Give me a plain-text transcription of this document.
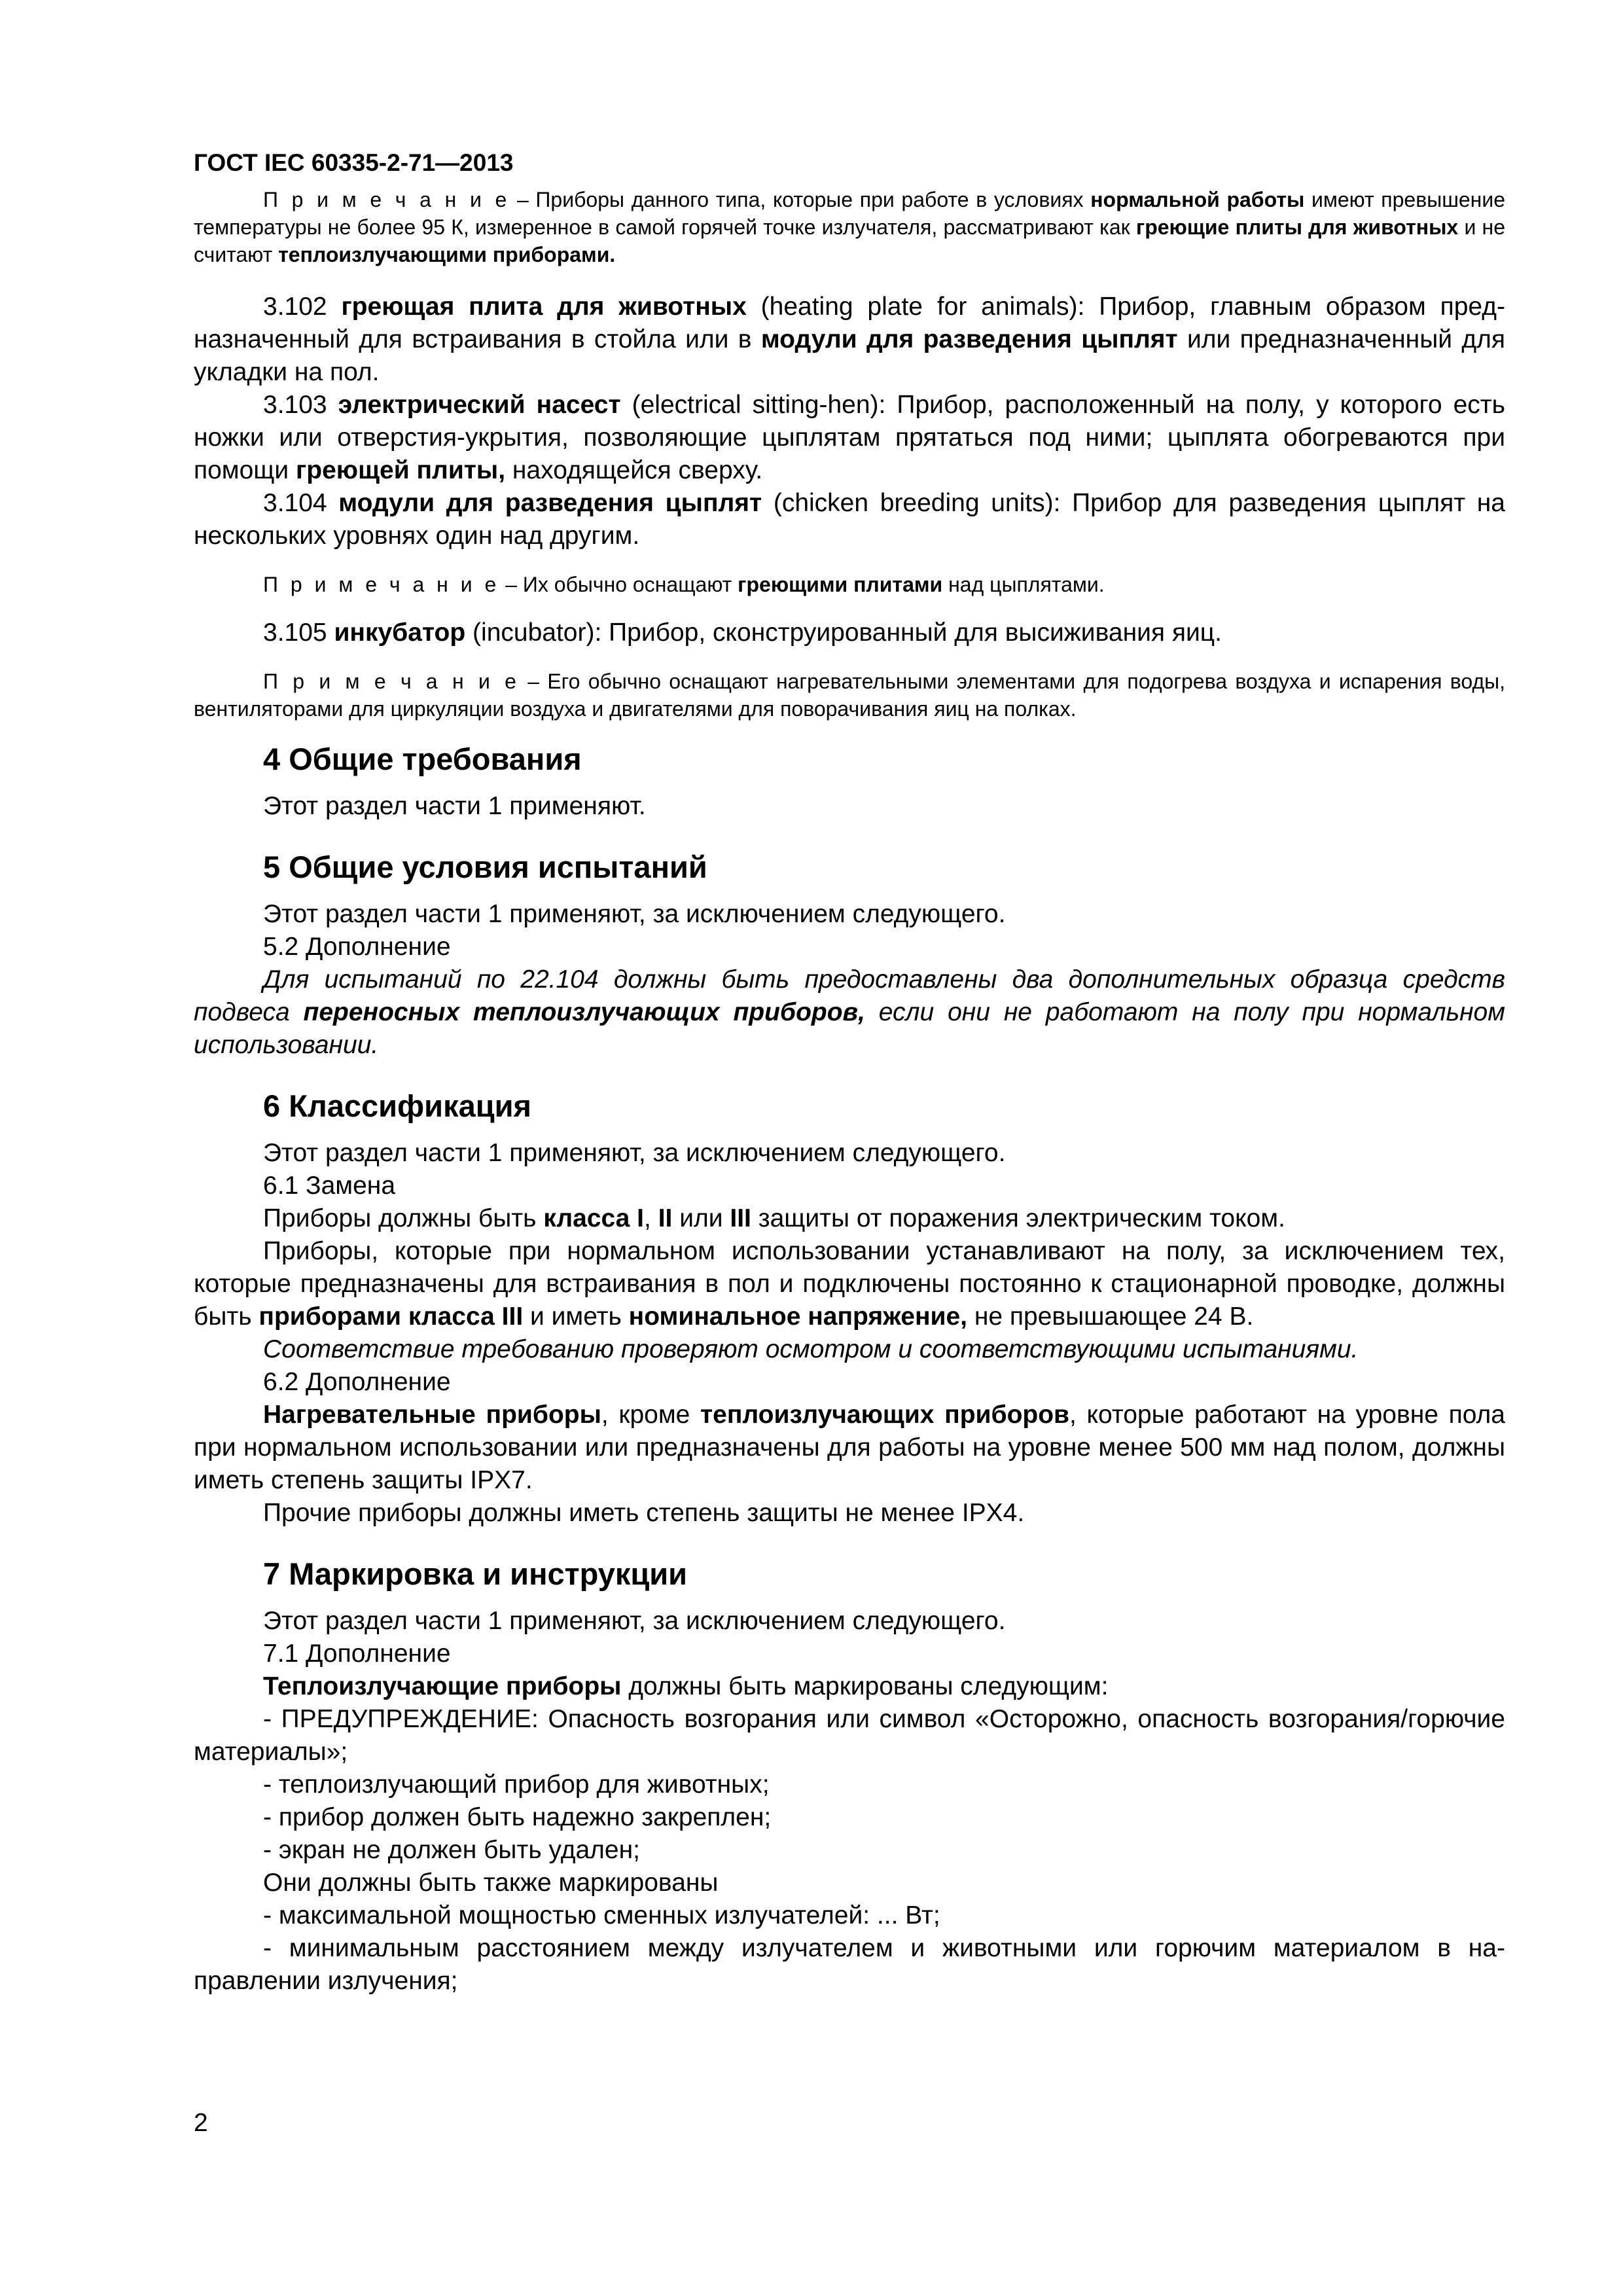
ГОСТ IEC 60335-2-71—2013

П р и м е ч а н и е – Приборы данного типа, которые при работе в условиях нормальной работы имеют превышение температуры не более 95 К, измеренное в самой горячей точке излучателя, рассматривают как греющие плиты для животных и не считают теплоизлучающими приборами.

3.102 греющая плита для животных (heating plate for animals): Прибор, главным образом предназначенный для встраивания в стойла или в модули для разведения цыплят или предназначенный для укладки на пол.

3.103 электрический насест (electrical sitting-hen): Прибор, расположенный на полу, у которого есть ножки или отверстия-укрытия, позволяющие цыплятам прятаться под ними; цыплята обогреваются при помощи греющей плиты, находящейся сверху.

3.104 модули для разведения цыплят (chicken breeding units): Прибор для разведения цыплят на нескольких уровнях один над другим.

П р и м е ч а н и е – Их обычно оснащают греющими плитами над цыплятами.

3.105 инкубатор (incubator): Прибор, сконструированный для высиживания яиц.

П р и м е ч а н и е – Его обычно оснащают нагревательными элементами для подогрева воздуха и испарения воды, вентиляторами для циркуляции воздуха и двигателями для поворачивания яиц на полках.

4 Общие требования

Этот раздел части 1 применяют.

5 Общие условия испытаний

Этот раздел части 1 применяют, за исключением следующего.

5.2 Дополнение

Для испытаний по 22.104 должны быть предоставлены два дополнительных образца средств подвеса переносных теплоизлучающих приборов, если они не работают на полу при нормальном использовании.

6 Классификация

Этот раздел части 1 применяют, за исключением следующего.

6.1 Замена

Приборы должны быть класса I, II или III защиты от поражения электрическим током.

Приборы, которые при нормальном использовании устанавливают на полу, за исключением тех, которые предназначены для встраивания в пол и подключены постоянно к стационарной проводке, должны быть приборами класса III и иметь номинальное напряжение, не превышающее 24 В.

Соответствие требованию проверяют осмотром и соответствующими испытаниями.

6.2 Дополнение

Нагревательные приборы, кроме теплоизлучающих приборов, которые работают на уровне пола при нормальном использовании или предназначены для работы на уровне менее 500 мм над полом, должны иметь степень защиты IPX7.

Прочие приборы должны иметь степень защиты не менее IPX4.

7 Маркировка и инструкции

Этот раздел части 1 применяют, за исключением следующего.

7.1 Дополнение

Теплоизлучающие приборы должны быть маркированы следующим:

- ПРЕДУПРЕЖДЕНИЕ: Опасность возгорания или символ «Осторожно, опасность возгорания/горючие материалы»;

- теплоизлучающий прибор для животных;

- прибор должен быть надежно закреплен;

- экран не должен быть удален;

Они должны быть также маркированы

- максимальной мощностью сменных излучателей: ... Вт;

- минимальным расстоянием между излучателем и животными или горючим материалом в направлении излучения;

2
